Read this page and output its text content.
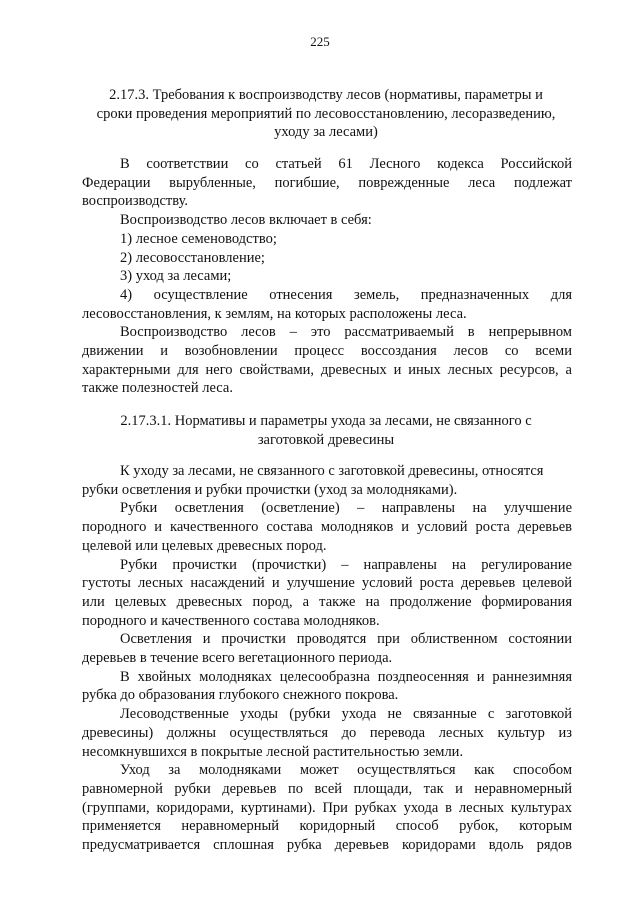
225
2.17.3. Требования к воспроизводству лесов (нормативы, параметры и
сроки проведения мероприятий по лесовосстановлению, лесоразведению,
уходу за лесами)
В соответствии со статьей 61 Лесного кодекса Российской
Федерации вырубленные, погибшие, поврежденные леса подлежат
воспроизводству.
Воспроизводство лесов включает в себя:
1) лесное семеноводство;
2) лесовосстановление;
3) уход за лесами;
4) осуществление отнесения земель, предназначенных для
лесовосстановления, к землям, на которых расположены леса.
Воспроизводство лесов – это рассматриваемый в непрерывном
движении и возобновлении процесс воссоздания лесов со всеми
характерными для него свойствами, древесных и иных лесных ресурсов, а
также полезностей леса.
2.17.3.1. Нормативы и параметры ухода за лесами, не связанного с
заготовкой древесины
К уходу за лесами, не связанного с заготовкой древесины, относятся
рубки осветления и рубки прочистки (уход за молодняками).
Рубки осветления (осветление) – направлены на улучшение
породного и качественного состава молодняков и условий роста деревьев
целевой или целевых древесных пород.
Рубки прочистки (прочистки) – направлены на регулирование
густоты лесных насаждений и улучшение условий роста деревьев целевой
или целевых древесных пород, а также на продолжение формирования
породного и качественного состава молодняков.
Осветления и прочистки проводятся при облиственном состоянии
деревьев в течение всего вегетационного периода.
В хвойных молодняках целесообразна поздneосенняя и раннезимняя
рубка до образования глубокого снежного покрова.
Лесоводственные уходы (рубки ухода не связанные с заготовкой
древесины) должны осуществляться до перевода лесных культур из
несомкнувшихся в покрытые лесной растительностью земли.
Уход за молодняками может осуществляться как способом
равномерной рубки деревьев по всей площади, так и неравномерный
(группами, коридорами, куртинами). При рубках ухода в лесных культурах
применяется неравномерный коридорный способ рубок, которым
предусматривается сплошная рубка деревьев коридорами вдоль рядов
